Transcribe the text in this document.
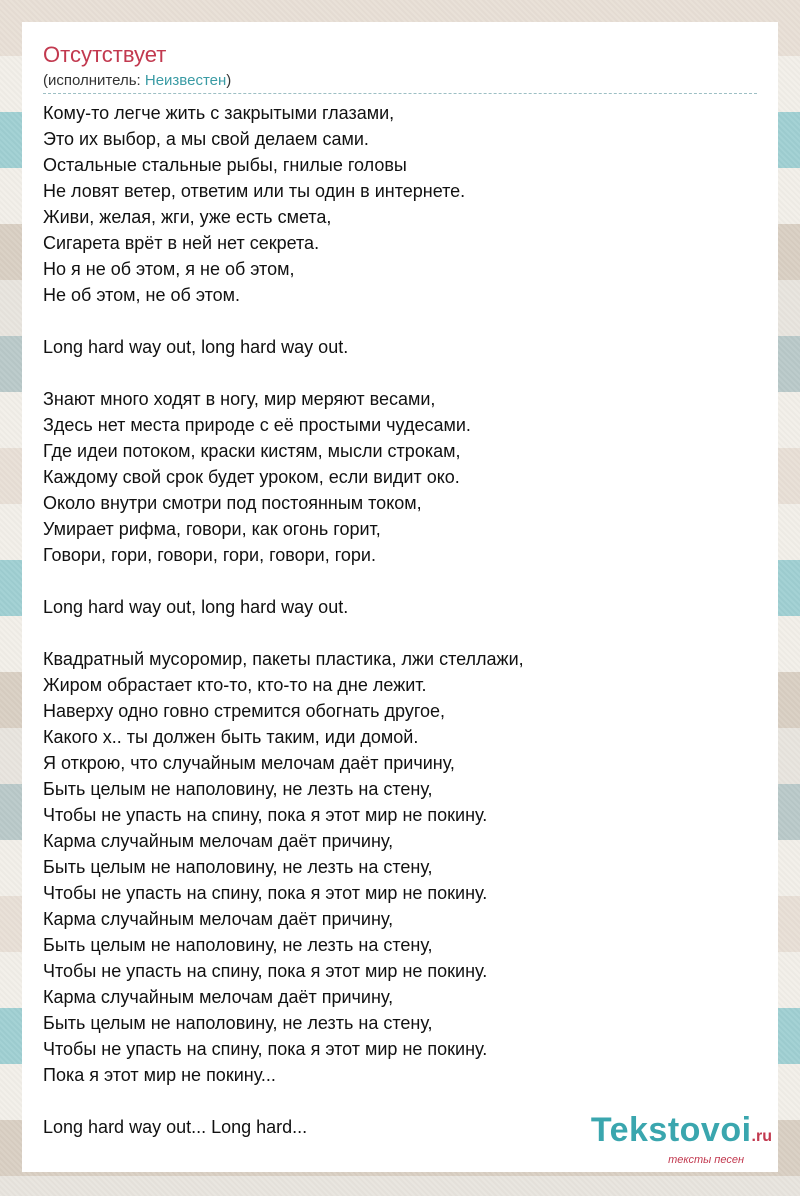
Отсутствует
(исполнитель: Неизвестен)
Кому-то легче жить с закрытыми глазами,
Это их выбор, а мы свой делаем сами.
Остальные стальные рыбы, гнилые головы
Не ловят ветер, ответим или ты один в интернете.
Живи, желая, жги, уже есть смета,
Сигарета врёт в ней нет секрета.
Но я не об этом, я не об этом,
Не об этом, не об этом.
Long hard way out, long hard way out.
Знают много ходят в ногу, мир меряют весами,
Здесь нет места природе с её простыми чудесами.
Где идеи потоком, краски кистям, мысли строкам,
Каждому свой срок будет уроком, если видит око.
Около внутри смотри под постоянным током,
Умирает рифма, говори, как огонь горит,
Говори, гори, говори, гори, говори, гори.
Long hard way out, long hard way out.
Квадратный мусоромир, пакеты пластика, лжи стеллажи,
Жиром обрастает кто-то, кто-то на дне лежит.
Наверху одно говно стремится обогнать другое,
Какого х.. ты должен быть таким, иди домой.
Я открою, что случайным мелочам даёт причину,
Быть целым не наполовину, не лезть на стену,
Чтобы не упасть на спину, пока я этот мир не покину.
Карма случайным мелочам даёт причину,
Быть целым не наполовину, не лезть на стену,
Чтобы не упасть на спину, пока я этот мир не покину.
Карма случайным мелочам даёт причину,
Быть целым не наполовину, не лезть на стену,
Чтобы не упасть на спину, пока я этот мир не покину.
Карма случайным мелочам даёт причину,
Быть целым не наполовину, не лезть на стену,
Чтобы не упасть на спину, пока я этот мир не покину.
Пока я этот мир не покину...
Long hard way out... Long hard...	Tekstovoi.ru
тексты песен
